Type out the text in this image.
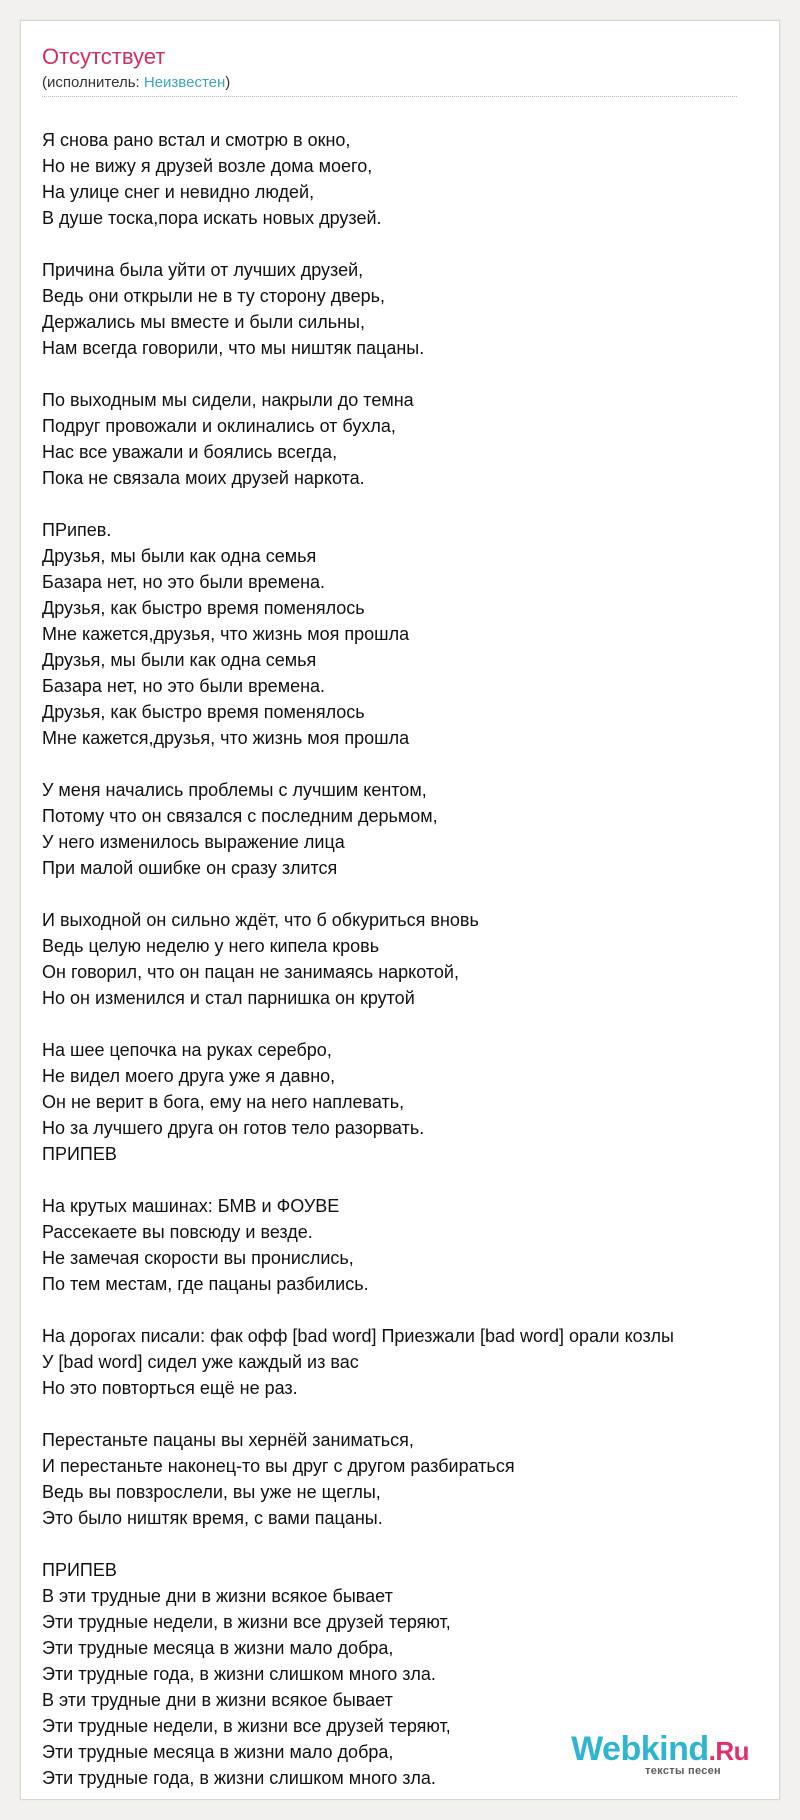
Отсутствует
(исполнитель: Неизвестен)
Я снова рано встал и смотрю в окно,
Но не вижу я друзей возле дома моего,
На улице снег и невидно людей,
В душе тоска,пора искать новых друзей.
Причина была уйти от лучших друзей,
Ведь они открыли не в ту сторону дверь,
Держались мы вместе и были сильны,
Нам всегда говорили, что мы ништяк пацаны.
По выходным мы сидели, накрыли до темна
Подруг провожали и оклинались от бухла,
Нас все уважали и боялись всегда,
Пока не связала моих друзей наркота.
ПРипев.
Друзья, мы были как одна семья
Базара нет, но это были времена.
Друзья, как быстро время поменялось
Мне кажется,друзья, что жизнь моя прошла
Друзья, мы были как одна семья
Базара нет, но это были времена.
Друзья, как быстро время поменялось
Мне кажется,друзья, что жизнь моя прошла
У меня начались проблемы с лучшим кентом,
Потому что он связался с последним дерьмом,
У него изменилось выражение лица
При малой ошибке он сразу злится
И выходной он сильно ждёт, что б обкуриться вновь
Ведь целую неделю у него кипела кровь
Он говорил, что он пацан не занимаясь наркотой,
Но он изменился и стал парнишка он крутой
На шее цепочка на руках серебро,
Не видел моего друга уже я давно,
Он не верит в бога, ему на него наплевать,
Но за лучшего друга он готов тело разорвать.
ПРИПЕВ
На крутых машинах: БМВ и ФОУВЕ
Рассекаете вы повсюду и везде.
Не замечая скорости вы пронислись,
По тем местам, где пацаны разбились.
На дорогах писали: фак офф [bad word] Приезжали [bad word] орали козлы
У [bad word] сидел уже каждый из вас
Но это повторться ещё не раз.
Перестаньте пацаны вы хернёй заниматься,
И перестаньте наконец-то вы друг с другом разбираться
Ведь вы повзрослели, вы уже не щеглы,
Это было ништяк время, с вами пацаны.
ПРИПЕВ
В эти трудные дни в жизни всякое бывает
Эти трудные недели, в жизни все друзей теряют,
Эти трудные месяца в жизни мало добра,
Эти трудные года, в жизни слишком много зла.
В эти трудные дни в жизни всякое бывает
Эти трудные недели, в жизни все друзей теряют,
Эти трудные месяца в жизни мало добра,
Эти трудные года, в жизни слишком много зла.
Webkind.Ru
тексты песен
